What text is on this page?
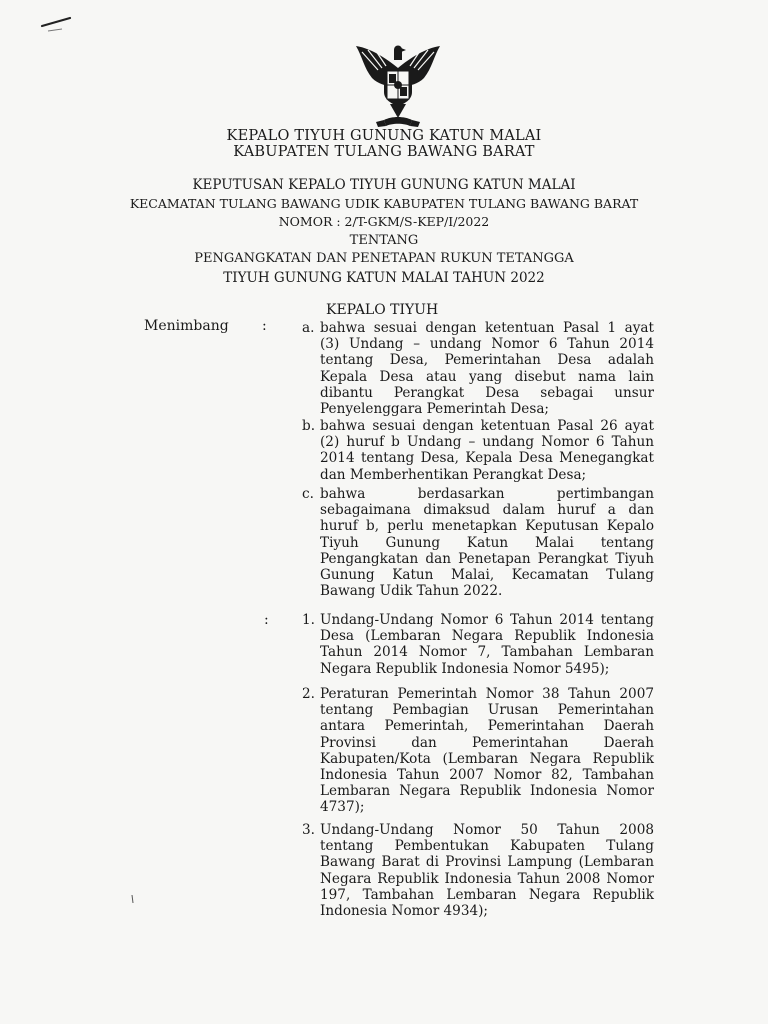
KEPALO TIYUH GUNUNG KATUN MALAI
KABUPATEN TULANG BAWANG BARAT
KEPUTUSAN KEPALO TIYUH GUNUNG KATUN MALAI
KECAMATAN TULANG BAWANG UDIK KABUPATEN TULANG BAWANG BARAT
NOMOR : 2/T-GKM/S-KEP/I/2022
TENTANG
PENGANGKATAN DAN PENETAPAN RUKUN TETANGGA
TIYUH GUNUNG KATUN MALAI TAHUN 2022
KEPALO TIYUH
Menimbang :	a. bahwa sesuai dengan ketentuan Pasal 1 ayat
(3) Undang – undang Nomor 6 Tahun 2014
tentang Desa, Pemerintahan Desa adalah
Kepala Desa atau yang disebut nama lain
dibantu Perangkat Desa sebagai unsur
Penyelenggara Pemerintah Desa;
b. bahwa sesuai dengan ketentuan Pasal 26 ayat
(2) huruf b Undang – undang Nomor 6 Tahun
2014 tentang Desa, Kepala Desa Menegangkat
dan Memberhentikan Perangkat Desa;
c. bahwa berdasarkan pertimbangan
sebagaimana dimaksud dalam huruf a dan
huruf b, perlu menetapkan Keputusan Kepalo
Tiyuh Gunung Katun Malai tentang
Pengangkatan dan Penetapan Perangkat Tiyuh
Gunung Katun Malai, Kecamatan Tulang
Bawang Udik Tahun 2022.
: 1. Undang-Undang Nomor 6 Tahun 2014 tentang
Desa (Lembaran Negara Republik Indonesia
Tahun 2014 Nomor 7, Tambahan Lembaran
Negara Republik Indonesia Nomor 5495);
2. Peraturan Pemerintah Nomor 38 Tahun 2007
tentang Pembagian Urusan Pemerintahan
antara Pemerintah, Pemerintahan Daerah
Provinsi dan Pemerintahan Daerah
Kabupaten/Kota (Lembaran Negara Republik
Indonesia Tahun 2007 Nomor 82, Tambahan
Lembaran Negara Republik Indonesia Nomor
4737);
3. Undang-Undang Nomor 50 Tahun 2008
tentang Pembentukan Kabupaten Tulang
Bawang Barat di Provinsi Lampung (Lembaran
Negara Republik Indonesia Tahun 2008 Nomor
197, Tambahan Lembaran Negara Republik
Indonesia Nomor 4934);
